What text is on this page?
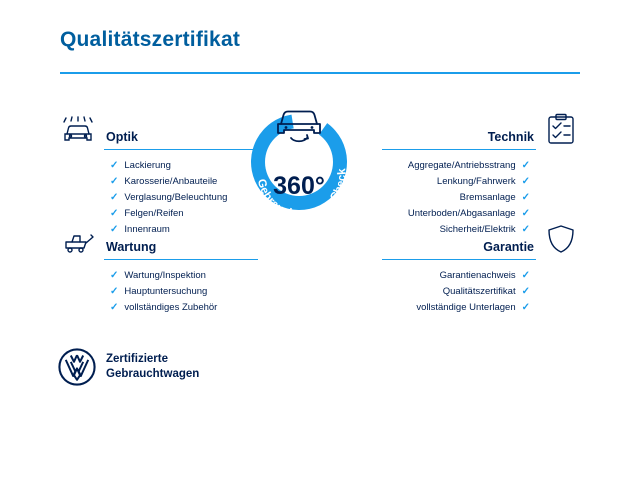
Qualitätszertifikat
Optik
✓ Lackierung
✓ Karosserie/Anbauteile
✓ Verglasung/Beleuchtung
✓ Felgen/Reifen
✓ Innenraum
Wartung
✓ Wartung/Inspektion
✓ Hauptuntersuchung
✓ vollständiges Zubehör
Technik
Aggregate/Antriebsstrang ✓
Lenkung/Fahrwerk ✓
Bremsanlage ✓
Unterboden/Abgasanlage ✓
Sicherheit/Elektrik ✓
Garantie
Garantienachweis ✓
Qualitätszertifikat ✓
vollständige Unterlagen ✓
Gebrauchtwagen-Check
360°
Zertifizierte
Gebrauchtwagen
